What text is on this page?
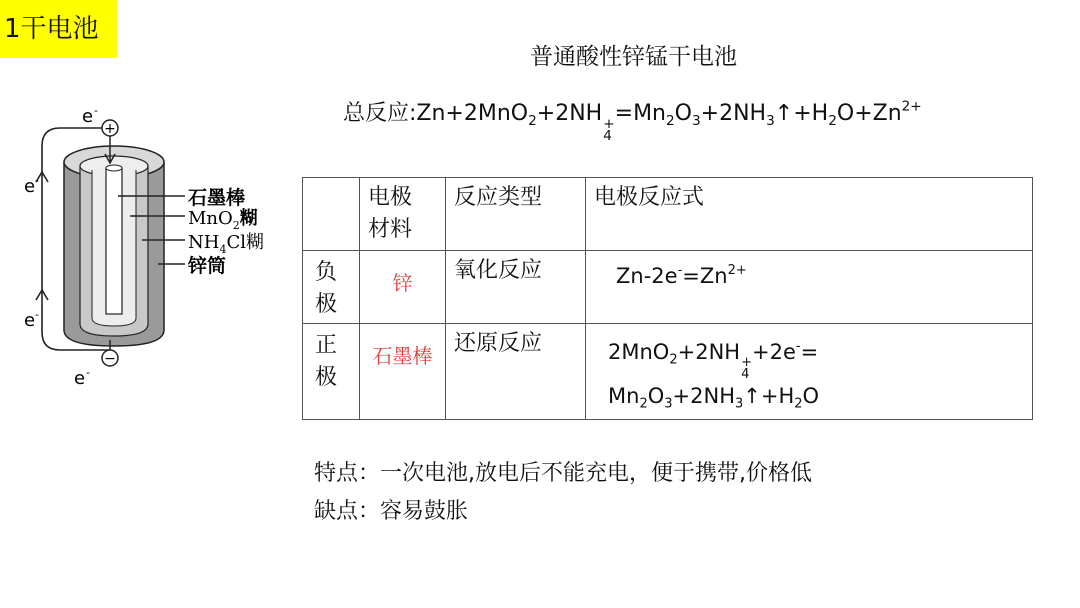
1干电池
普通酸性锌锰干电池
总反应:Zn+2MnO$_2$+2NH +
4
$=Mn_2O_3+2NH_3↑+H_2O+Zn^{2+}$
+
−
e -
e -
e -
e -
石墨棒
MnO$_2$糊
$NH_4Cl$糊
锌筒

	电极材料	反应类型	电极反应式

负极	锌	氧化反应	$Zn-2e^-=Zn^{2+}$

正极	石墨棒	还原反应	2MnO$_2$+2NH +
4
+2e-=
$Mn_2O_3+2NH_3↑+H_2O$
特点：一次电池,放电后不能充电，便于携带,价格低
缺点：容易鼓胀
